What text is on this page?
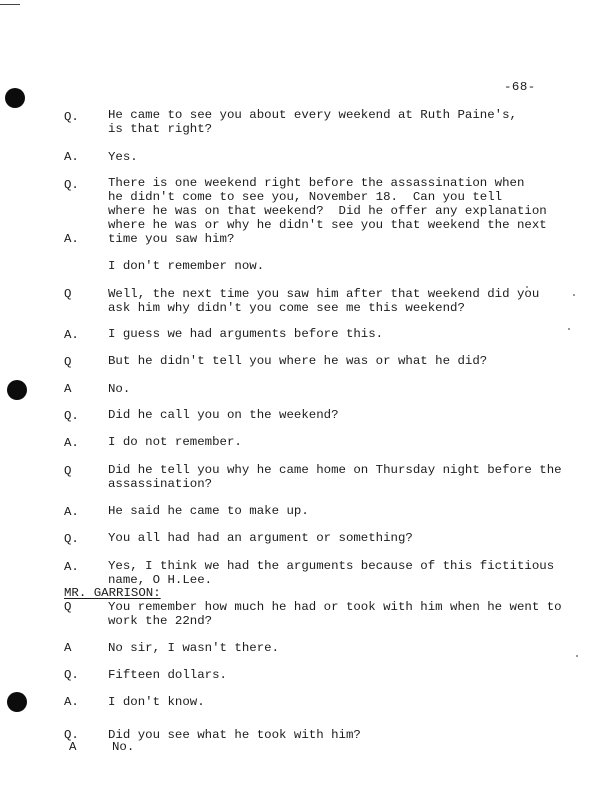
-68-
Q. He came to see you about every weekend at Ruth Paine's,
is that right?
A. Yes.
Q. There is one weekend right before the assassination when
he didn't come to see you, November 18.  Can you tell
where he was on that weekend?  Did he offer any explanation
where he was or why he didn't see you that weekend the next
time you saw him?
A.
I don't remember now.
Q	Well, the next time you saw him after that weekend did you
ask him why didn't you come see me this weekend?
A. I guess we had arguments before this.
Q	But he didn't tell you where he was or what he did?
A	No.
Q. Did he call you on the weekend?
A. I do not remember.
Q	Did he tell you why he came home on Thursday night before the
assassination?
A. He said he came to make up.
Q. You all had had an argument or something?
A. Yes, I think we had the arguments because of this fictitious
name, O H.Lee.
MR. GARRISON:
Q	You remember how much he had or took with him when he went to
work the 22nd?
A	No sir, I wasn't there.
Q. Fifteen dollars.
A. I don't know.
Q. Did you see what he took with him?
A	No.
